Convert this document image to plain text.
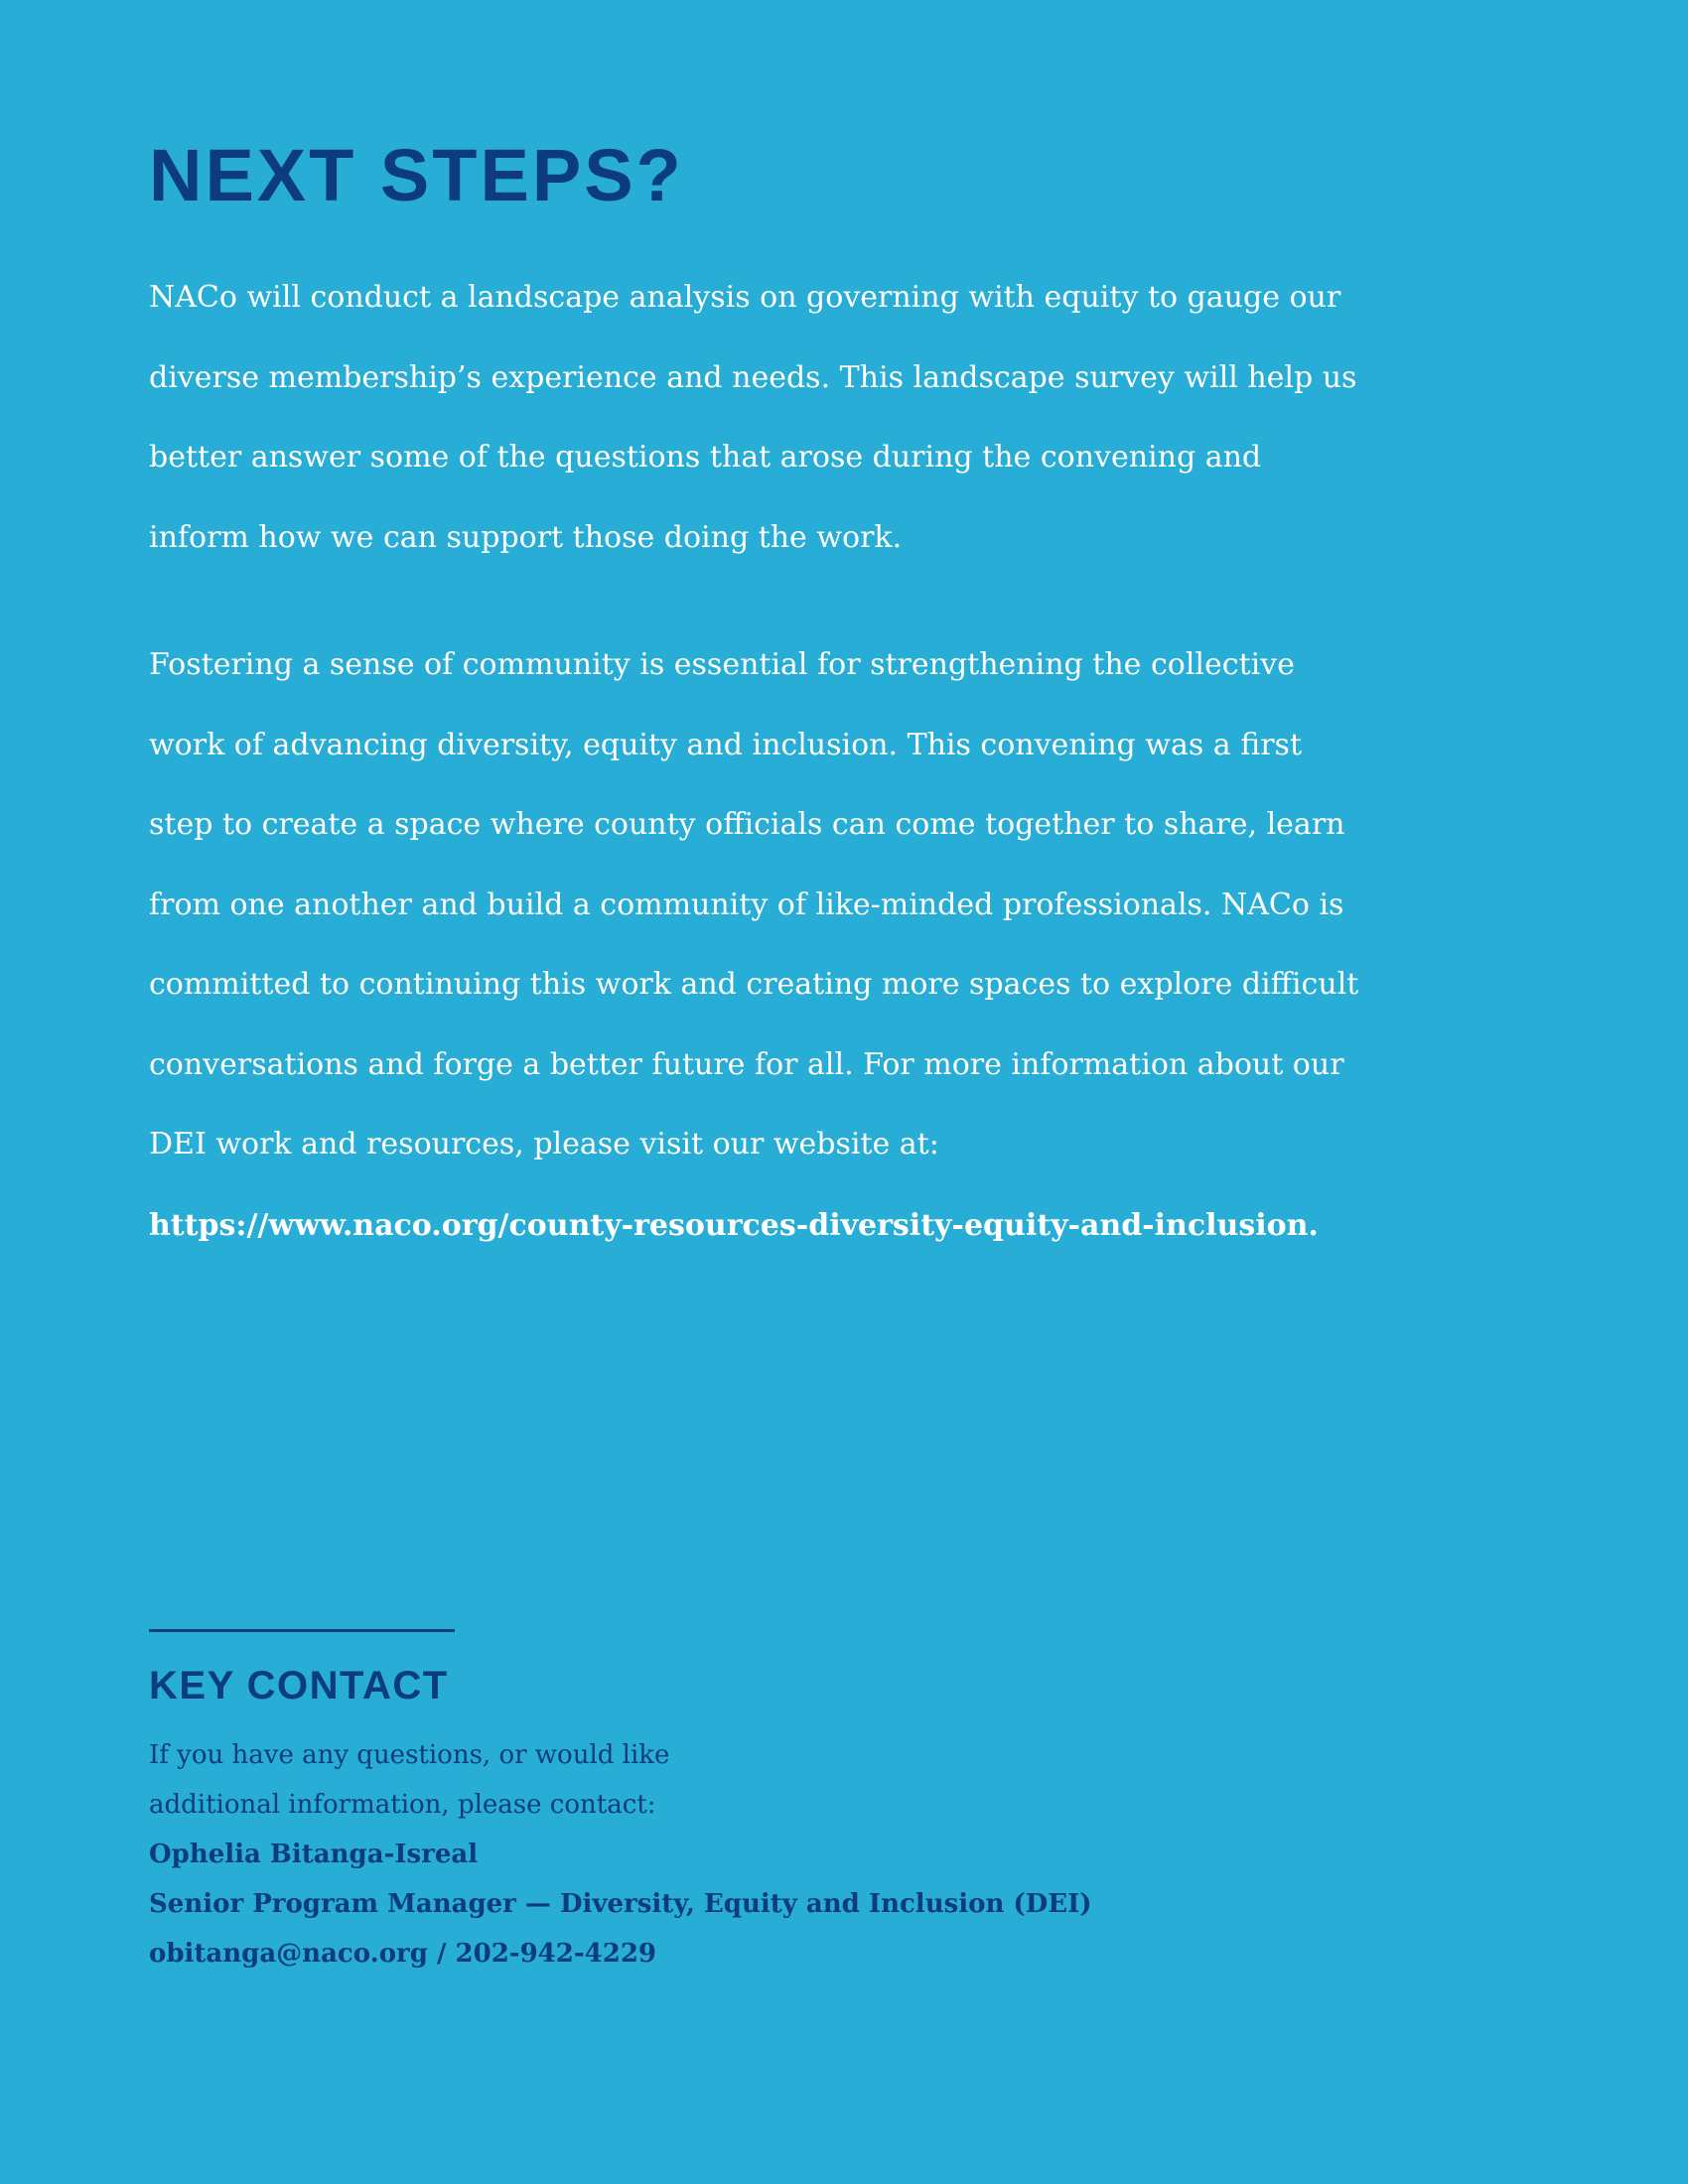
NEXT STEPS?

NACo will conduct a landscape analysis on governing with equity to gauge our diverse membership’s experience and needs. This landscape survey will help us better answer some of the questions that arose during the convening and inform how we can support those doing the work.

Fostering a sense of community is essential for strengthening the collective work of advancing diversity, equity and inclusion. This convening was a first step to create a space where county officials can come together to share, learn from one another and build a community of like-minded professionals. NACo is committed to continuing this work and creating more spaces to explore difficult conversations and forge a better future for all. For more information about our DEI work and resources, please visit our website at:

https://www.naco.org/county-resources-diversity-equity-and-inclusion.
KEY CONTACT
If you have any questions, or would like
additional information, please contact:
Ophelia Bitanga-Isreal
Senior Program Manager — Diversity, Equity and Inclusion (DEI)
obitanga@naco.org / 202-942-4229
